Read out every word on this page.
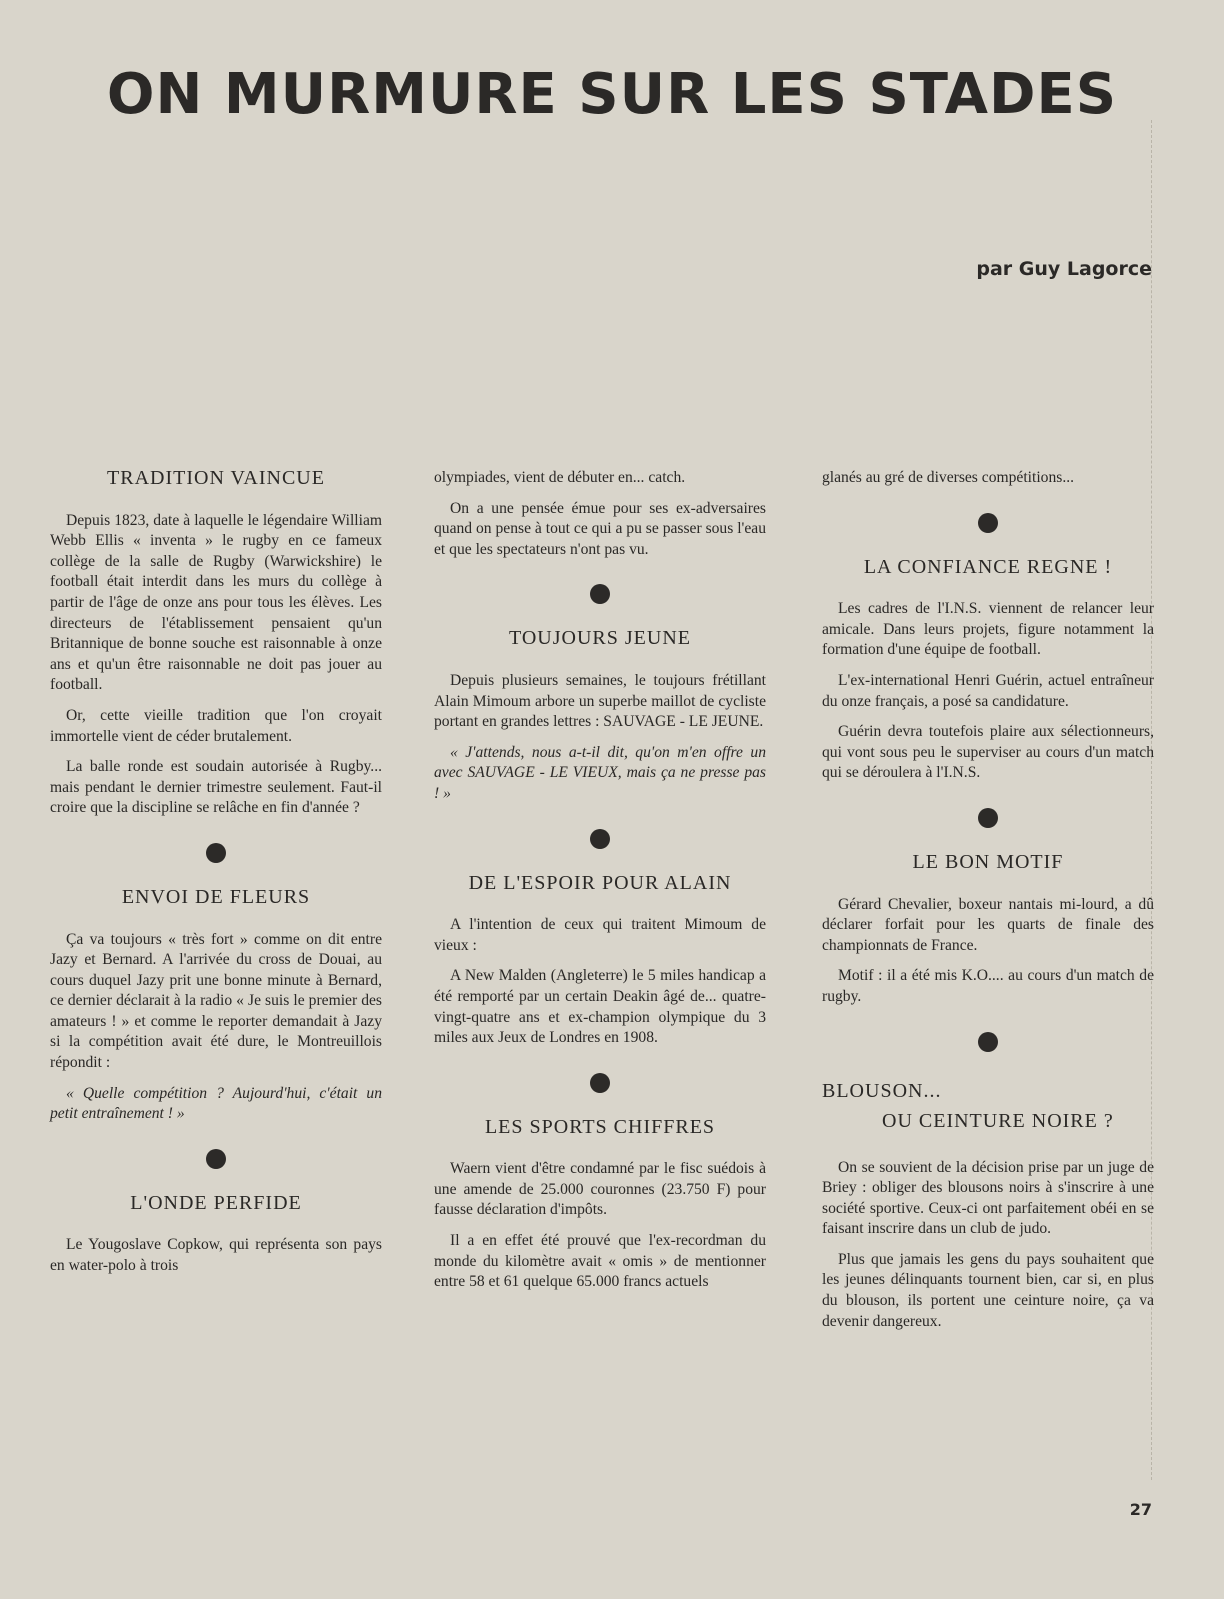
ON MURMURE SUR LES STADES
par Guy Lagorce
TRADITION VAINCUE

Depuis 1823, date à laquelle le légendaire William Webb Ellis « inventa » le rugby en ce fameux collège de la salle de Rugby (Warwickshire) le football était interdit dans les murs du collège à partir de l'âge de onze ans pour tous les élèves. Les directeurs de l'établissement pensaient qu'un Britannique de bonne souche est raisonnable à onze ans et qu'un être raisonnable ne doit pas jouer au football.

Or, cette vieille tradition que l'on croyait immortelle vient de céder brutalement.

La balle ronde est soudain autorisée à Rugby... mais pendant le dernier trimestre seulement. Faut-il croire que la discipline se relâche en fin d'année ?

ENVOI DE FLEURS

Ça va toujours « très fort » comme on dit entre Jazy et Bernard. A l'arrivée du cross de Douai, au cours duquel Jazy prit une bonne minute à Bernard, ce dernier déclarait à la radio « Je suis le premier des amateurs ! » et comme le reporter demandait à Jazy si la compétition avait été dure, le Montreuillois répondit :

« Quelle compétition ? Aujourd'hui, c'était un petit entraînement ! »

L'ONDE PERFIDE

Le Yougoslave Copkow, qui représenta son pays en water-polo à trois

olympiades, vient de débuter en... catch.

On a une pensée émue pour ses ex-adversaires quand on pense à tout ce qui a pu se passer sous l'eau et que les spectateurs n'ont pas vu.

TOUJOURS JEUNE

Depuis plusieurs semaines, le toujours frétillant Alain Mimoum arbore un superbe maillot de cycliste portant en grandes lettres : SAUVAGE - LE JEUNE.

« J'attends, nous a-t-il dit, qu'on m'en offre un avec SAUVAGE - LE VIEUX, mais ça ne presse pas ! »

DE L'ESPOIR POUR ALAIN

A l'intention de ceux qui traitent Mimoum de vieux :

A New Malden (Angleterre) le 5 miles handicap a été remporté par un certain Deakin âgé de... quatre-vingt-quatre ans et ex-champion olympique du 3 miles aux Jeux de Londres en 1908.

LES SPORTS CHIFFRES

Waern vient d'être condamné par le fisc suédois à une amende de 25.000 couronnes (23.750 F) pour fausse déclaration d'impôts.

Il a en effet été prouvé que l'ex-recordman du monde du kilomètre avait « omis » de mentionner entre 58 et 61 quelque 65.000 francs actuels

glanés au gré de diverses compétitions...

LA CONFIANCE REGNE !

Les cadres de l'I.N.S. viennent de relancer leur amicale. Dans leurs projets, figure notamment la formation d'une équipe de football.

L'ex-international Henri Guérin, actuel entraîneur du onze français, a posé sa candidature.

Guérin devra toutefois plaire aux sélectionneurs, qui vont sous peu le superviser au cours d'un match qui se déroulera à l'I.N.S.

LE BON MOTIF

Gérard Chevalier, boxeur nantais mi-lourd, a dû déclarer forfait pour les quarts de finale des championnats de France.

Motif : il a été mis K.O.... au cours d'un match de rugby.

BLOUSON...
OU CEINTURE NOIRE ?

On se souvient de la décision prise par un juge de Briey : obliger des blousons noirs à s'inscrire à une société sportive. Ceux-ci ont parfaitement obéi en se faisant inscrire dans un club de judo.

Plus que jamais les gens du pays souhaitent que les jeunes délinquants tournent bien, car si, en plus du blouson, ils portent une ceinture noire, ça va devenir dangereux.

27
